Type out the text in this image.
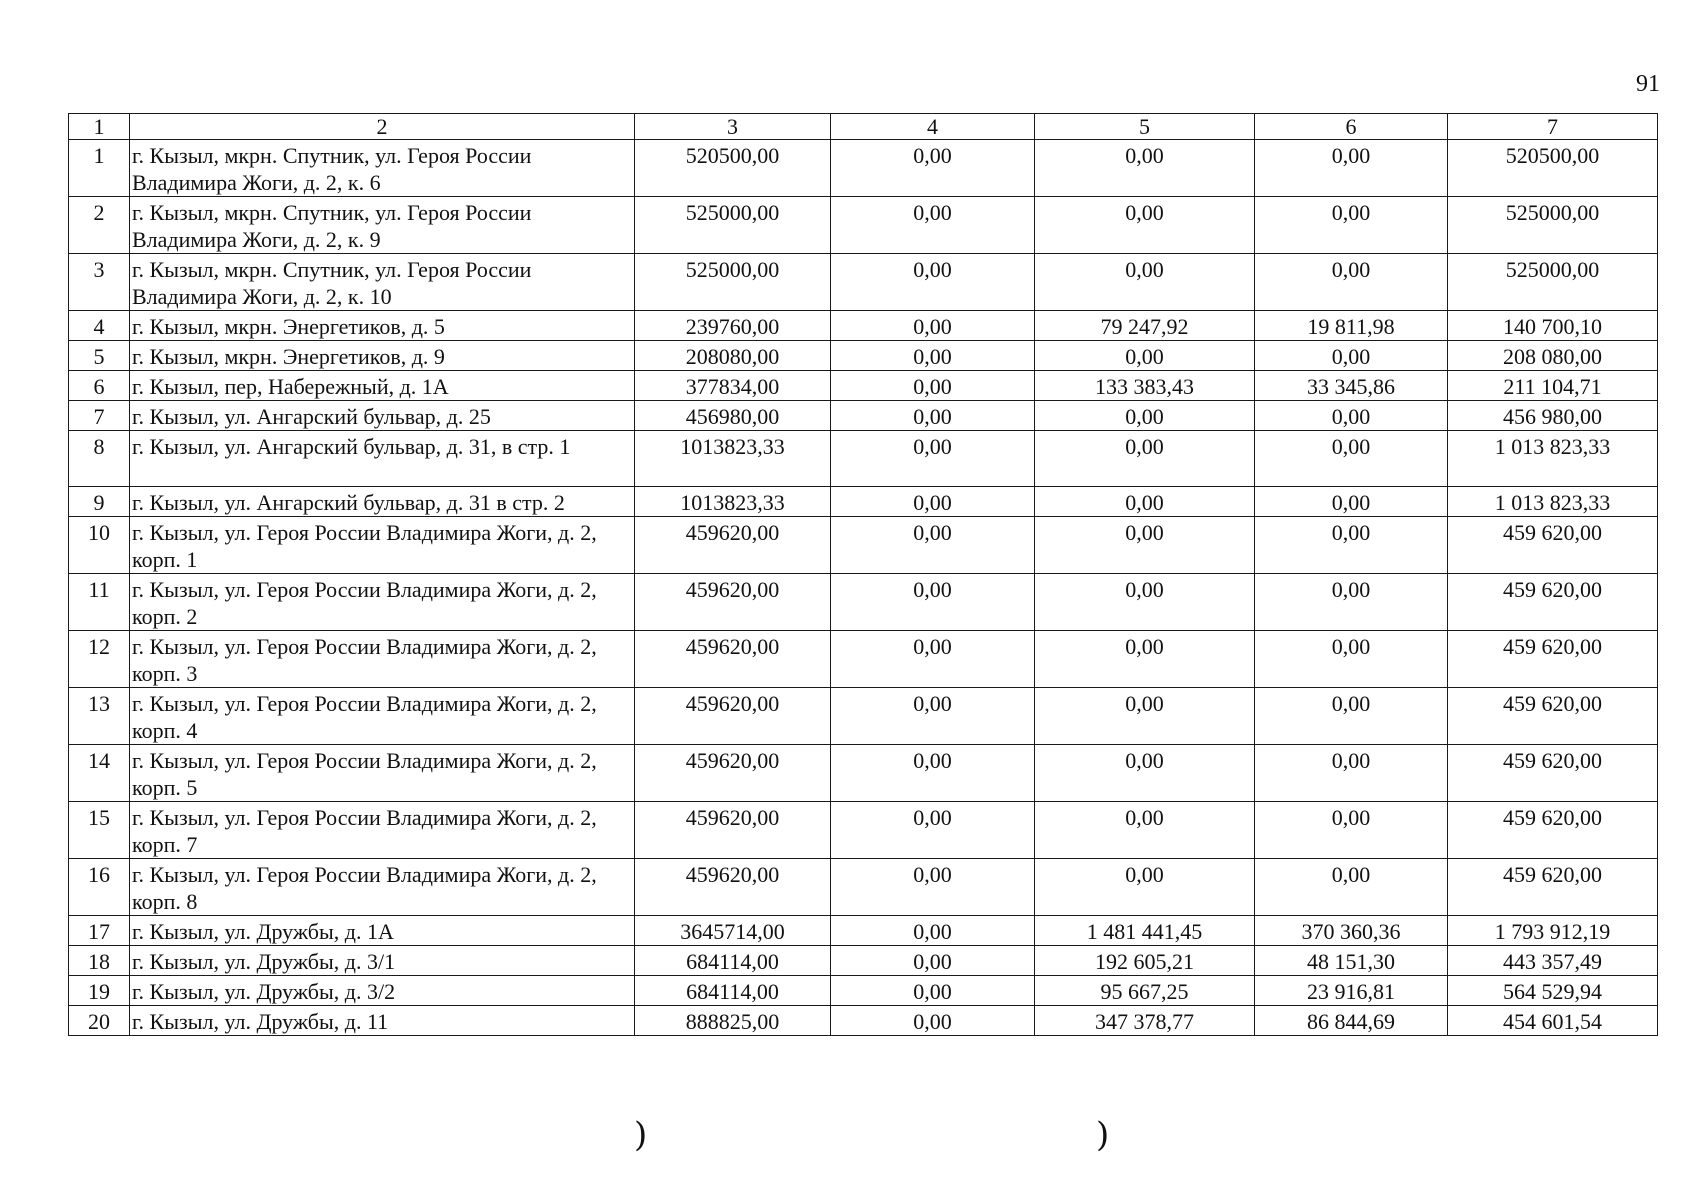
91
1	2	3	4	5	6	7
1	г. Кызыл, мкрн. Спутник, ул. Героя России Владимира Жоги, д. 2, к. 6	520500,00	0,00	0,00	0,00	520500,00
2	г. Кызыл, мкрн. Спутник, ул. Героя России Владимира Жоги, д. 2, к. 9	525000,00	0,00	0,00	0,00	525000,00
3	г. Кызыл, мкрн. Спутник, ул. Героя России Владимира Жоги, д. 2, к. 10	525000,00	0,00	0,00	0,00	525000,00
4	г. Кызыл, мкрн. Энергетиков, д. 5	239760,00	0,00	79 247,92	19 811,98	140 700,10
5	г. Кызыл, мкрн. Энергетиков, д. 9	208080,00	0,00	0,00	0,00	208 080,00
6	г. Кызыл, пер, Набережный, д. 1А	377834,00	0,00	133 383,43	33 345,86	211 104,71
7	г. Кызыл, ул. Ангарский бульвар, д. 25	456980,00	0,00	0,00	0,00	456 980,00
8	г. Кызыл, ул. Ангарский бульвар, д. 31, в стр. 1	1013823,33	0,00	0,00	0,00	1 013 823,33
9	г. Кызыл, ул. Ангарский бульвар, д. 31 в стр. 2	1013823,33	0,00	0,00	0,00	1 013 823,33
10	г. Кызыл, ул. Героя России Владимира Жоги, д. 2, корп. 1	459620,00	0,00	0,00	0,00	459 620,00
11	г. Кызыл, ул. Героя России Владимира Жоги, д. 2, корп. 2	459620,00	0,00	0,00	0,00	459 620,00
12	г. Кызыл, ул. Героя России Владимира Жоги, д. 2, корп. 3	459620,00	0,00	0,00	0,00	459 620,00
13	г. Кызыл, ул. Героя России Владимира Жоги, д. 2, корп. 4	459620,00	0,00	0,00	0,00	459 620,00
14	г. Кызыл, ул. Героя России Владимира Жоги, д. 2, корп. 5	459620,00	0,00	0,00	0,00	459 620,00
15	г. Кызыл, ул. Героя России Владимира Жоги, д. 2, корп. 7	459620,00	0,00	0,00	0,00	459 620,00
16	г. Кызыл, ул. Героя России Владимира Жоги, д. 2, корп. 8	459620,00	0,00	0,00	0,00	459 620,00
17	г. Кызыл, ул. Дружбы, д. 1А	3645714,00	0,00	1 481 441,45	370 360,36	1 793 912,19
18	г. Кызыл, ул. Дружбы, д. 3/1	684114,00	0,00	192 605,21	48 151,30	443 357,49
19	г. Кызыл, ул. Дружбы, д. 3/2	684114,00	0,00	95 667,25	23 916,81	564 529,94
20	г. Кызыл, ул. Дружбы, д. 11	888825,00	0,00	347 378,77	86 844,69	454 601,54
)	)
